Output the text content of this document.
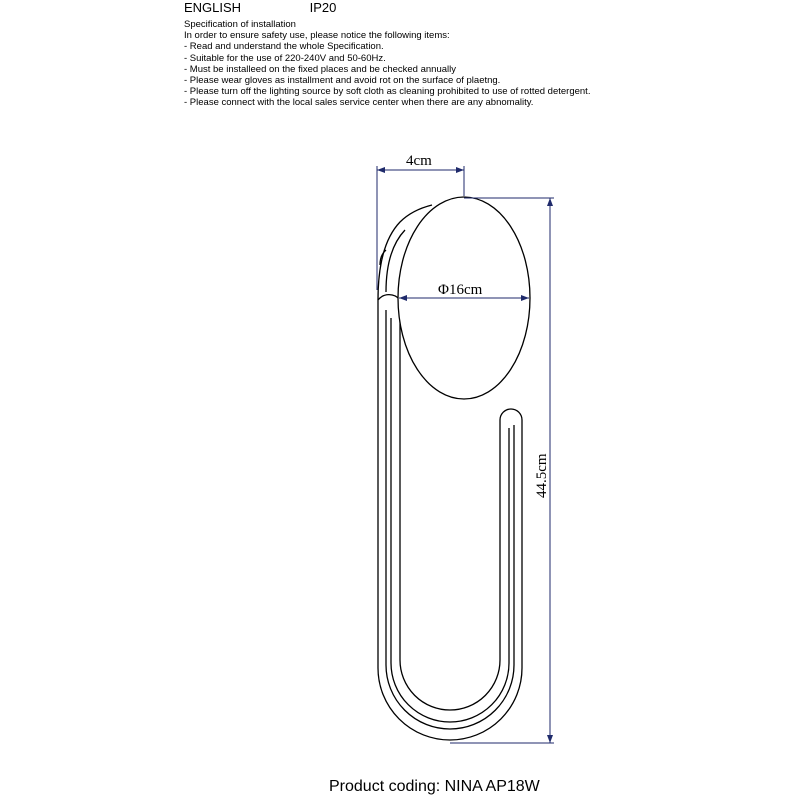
ENGLISH	IP20
Specification of installation
In order to ensure safety use, please notice the following items:
- Read and understand the whole Specification.
- Suitable for the use of 220-240V and 50-60Hz.
- Must be installeed on the fixed places and be checked annually
- Please wear gloves as installment and avoid rot on the surface of plaetng.
- Please turn off the lighting source by soft cloth as cleaning prohibited to use of rotted detergent.
- Please connect with the local sales service center when there are any abnomality.
4cm
Φ16cm
44.5cm
Product coding: NINA AP18W
